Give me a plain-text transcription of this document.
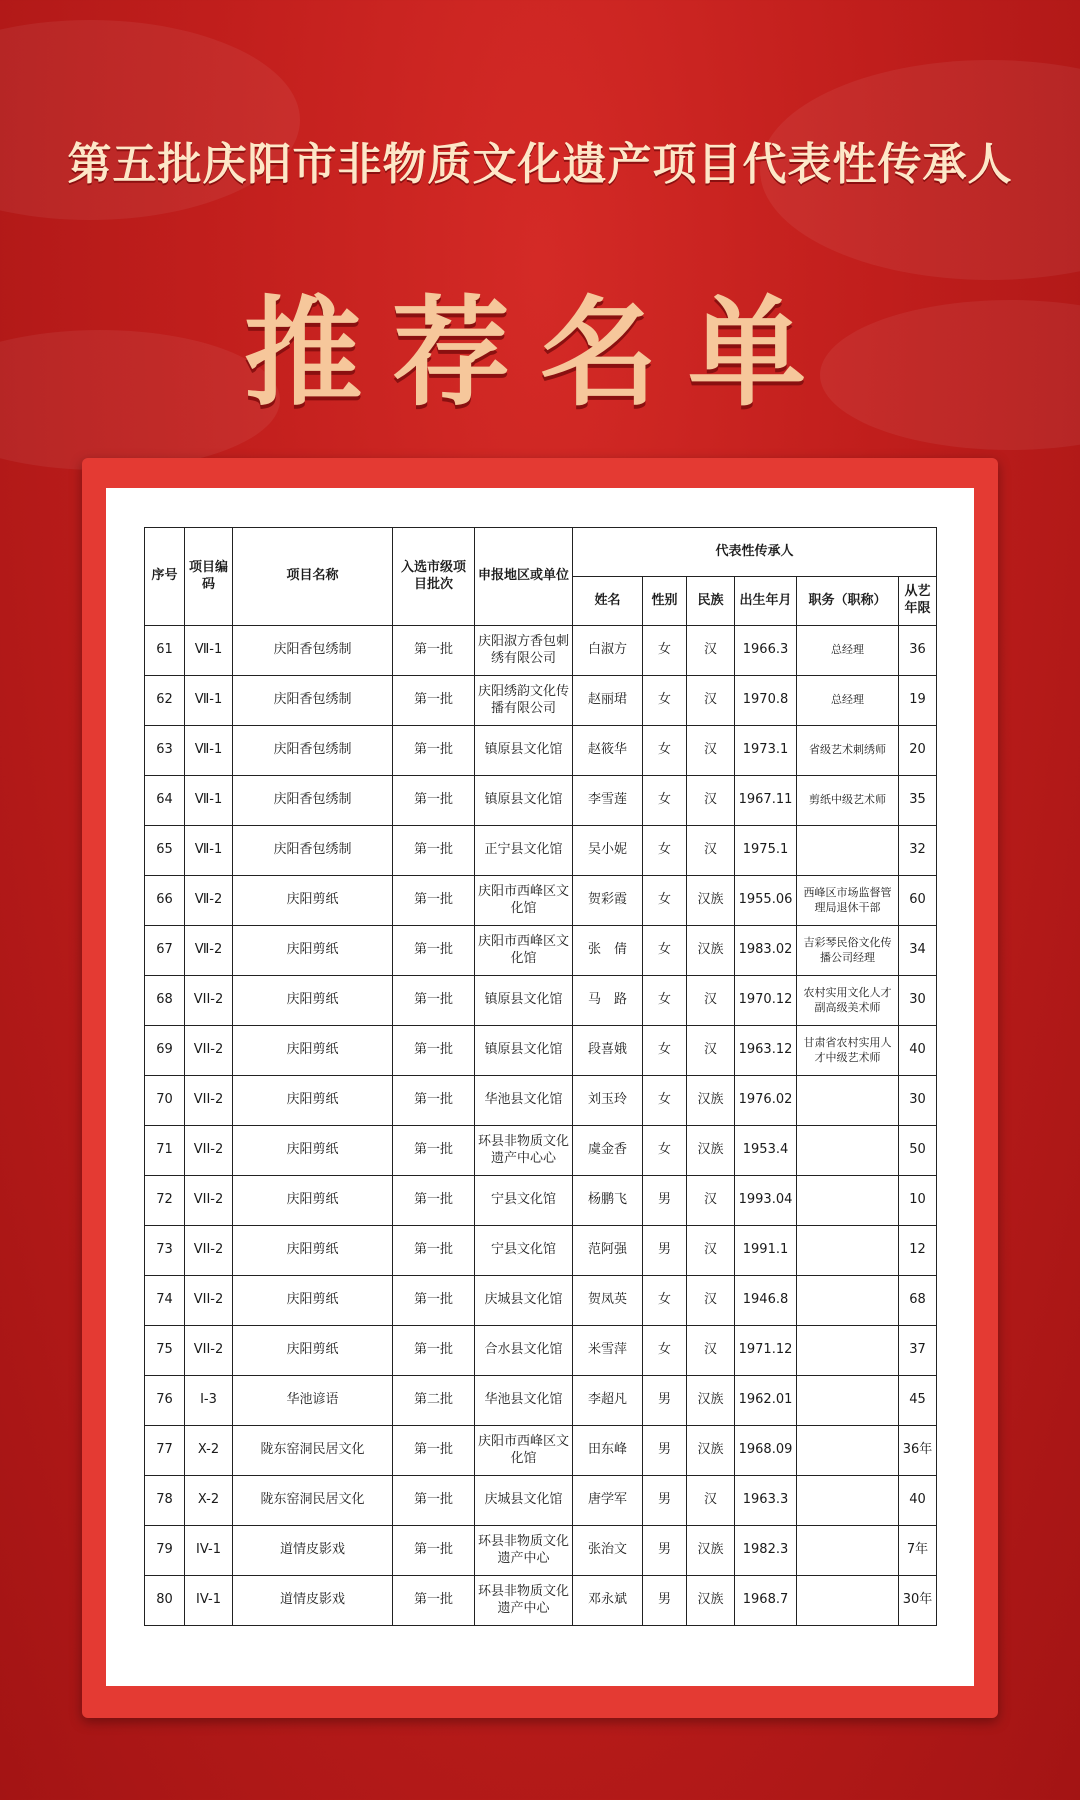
第五批庆阳市非物质文化遗产项目代表性传承人
推荐名单
序号	项目编码	项目名称	入选市级项目批次	申报地区或单位	代表性传承人					
					姓名	性别	民族	出生年月	职务（职称）	从艺年限
61	Ⅶ-1	庆阳香包绣制	第一批	庆阳淑方香包刺绣有限公司	白淑方	女	汉	1966.3	总经理	36
62	Ⅶ-1	庆阳香包绣制	第一批	庆阳绣韵文化传播有限公司	赵丽珺	女	汉	1970.8	总经理	19
63	Ⅶ-1	庆阳香包绣制	第一批	镇原县文化馆	赵筱华	女	汉	1973.1	省级艺术刺绣师	20
64	Ⅶ-1	庆阳香包绣制	第一批	镇原县文化馆	李雪莲	女	汉	1967.11	剪纸中级艺术师	35
65	Ⅶ-1	庆阳香包绣制	第一批	正宁县文化馆	吴小妮	女	汉	1975.1		32
66	Ⅶ-2	庆阳剪纸	第一批	庆阳市西峰区文化馆	贺彩霞	女	汉族	1955.06	西峰区市场监督管理局退休干部	60
67	Ⅶ-2	庆阳剪纸	第一批	庆阳市西峰区文化馆	张　倩	女	汉族	1983.02	吉彩琴民俗文化传播公司经理	34
68	VII-2	庆阳剪纸	第一批	镇原县文化馆	马　路	女	汉	1970.12	农村实用文化人才副高级美术师	30
69	VII-2	庆阳剪纸	第一批	镇原县文化馆	段喜娥	女	汉	1963.12	甘肃省农村实用人才中级艺术师	40
70	VII-2	庆阳剪纸	第一批	华池县文化馆	刘玉玲	女	汉族	1976.02		30
71	VII-2	庆阳剪纸	第一批	环县非物质文化遗产中心心	虞金香	女	汉族	1953.4		50
72	VII-2	庆阳剪纸	第一批	宁县文化馆	杨鹏飞	男	汉	1993.04		10
73	VII-2	庆阳剪纸	第一批	宁县文化馆	范阿强	男	汉	1991.1		12
74	VII-2	庆阳剪纸	第一批	庆城县文化馆	贺凤英	女	汉	1946.8		68
75	VII-2	庆阳剪纸	第一批	合水县文化馆	米雪萍	女	汉	1971.12		37
76	I-3	华池谚语	第二批	华池县文化馆	李超凡	男	汉族	1962.01		45
77	X-2	陇东窑洞民居文化	第一批	庆阳市西峰区文化馆	田东峰	男	汉族	1968.09		36年
78	X-2	陇东窑洞民居文化	第一批	庆城县文化馆	唐学军	男	汉	1963.3		40
79	IV-1	道情皮影戏	第一批	环县非物质文化遗产中心	张治文	男	汉族	1982.3		7年
80	IV-1	道情皮影戏	第一批	环县非物质文化遗产中心	邓永斌	男	汉族	1968.7		30年
